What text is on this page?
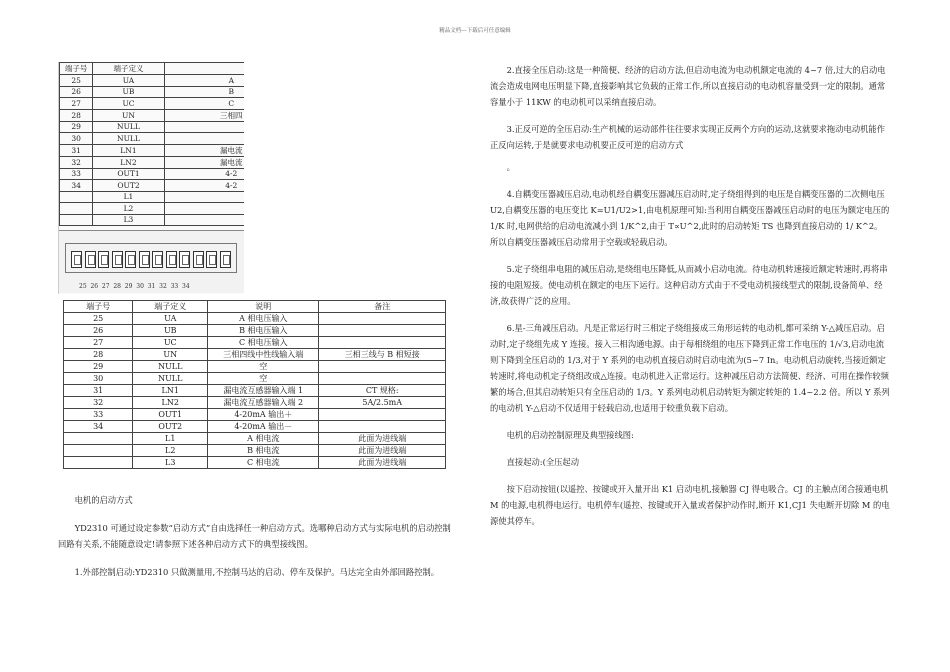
精品文档---下载后可任意编辑
端子号	端子定义	
25	UA	A
26	UB	B
27	UC	C
28	UN	三相四
29	NULL	
30	NULL	
31	LN1	漏电流
32	LN2	漏电流
33	OUT1	4-2
34	OUT2	4-2
	L1	
	L2	
	L3	
25  26  27  28  29  30  31  32  33  34
端子号	端子定义	说明	备注
25	UA	A 相电压输入	
26	UB	B 相电压输入	
27	UC	C 相电压输入	
28	UN	三相四线中性线输入端	三相三线与 B 相短接
29	NULL	空	
30	NULL	空	
31	LN1	漏电流互感器输入端 1	CT 规格:
32	LN2	漏电流互感器输入端 2	5A/2.5mA
33	OUT1	4-20mA 输出＋	
34	OUT2	4-20mA 输出－	
	L1	A 相电流	此面为进线端
	L2	B 相电流	此面为进线端
	L3	C 相电流	此面为进线端

电机的启动方式

YD2310 可通过设定参数“启动方式”自由选择任一种启动方式。选哪种启动方式与实际电机的启动控制回路有关系,不能随意设定!请参照下述各种启动方式下的典型接线图。

1.外部控制启动:YD2310 只做测量用,不控制马达的启动、停车及保护。马达完全由外部回路控制。

2.直接全压启动:这是一种简便、经济的启动方法,但启动电流为电动机额定电流的 4~7 倍,过大的启动电流会造成电网电压明显下降,直接影响其它负载的正常工作,所以直接启动的电动机容量受到一定的限制。通常容量小于 11KW 的电动机可以采纳直接启动。

3.正反可逆的全压启动:生产机械的运动部件往往要求实现正反两个方向的运动,这就要求拖动电动机能作正反向运转,于是就要求电动机要正反可逆的启动方式

。

4.自耦变压器减压启动,电动机经自耦变压器减压启动时,定子绕组得到的电压是自耦变压器的二次侧电压 U2,自耦变压器的电压变比 K=U1/U2>1,由电机原理可知:当利用自耦变压器减压启动时的电压为额定电压的 1/K 时,电网供给的启动电流减小到 1/K^2,由于 T∝U^2,此时的启动转矩 TS 也降到直接启动的 1/ K^2。所以自耦变压器减压启动常用于空载或轻载启动。

5.定子绕组串电阻的减压启动,是绕组电压降低,从而减小启动电流。待电动机转速接近额定转速时,再将串接的电阻短接。使电动机在额定的电压下运行。这种启动方式由于不受电动机接线型式的限制,设备简单、经济,故获得广泛的应用。

6.星-三角减压启动。凡是正常运行时三相定子绕组接成三角形运转的电动机,都可采纳 Y-△减压启动。启动时,定子绕组先成 Y 连接。接入三相沟通电源。由于每相绕组的电压下降到正常工作电压的 1/√3,启动电流则下降到全压启动的 1/3,对于 Y 系列的电动机直接启动时启动电流为(5~7 In。电动机启动旋转,当接近额定转速时,将电动机定子绕组改成△连接。电动机进入正常运行。这种减压启动方法简便、经济、可用在操作较频繁的场合,但其启动转矩只有全压启动的 1/3。Y 系列电动机启动转矩为额定转矩的 1.4~2.2 倍。所以 Y 系列的电动机 Y-△启动不仅适用于轻载启动,也适用于较重负载下启动。

电机的启动控制原理及典型接线图:

直接起动:(全压起动

按下启动按钮(以遥控、按键或开入量开出 K1 启动电机,接触器 CJ 得电吸合。CJ 的主触点闭合接通电机 M 的电源,电机得电运行。电机停车(遥控、按键或开入量或者保护动作时,断开 K1,CJ1 失电断开切除 M 的电源使其停车。
